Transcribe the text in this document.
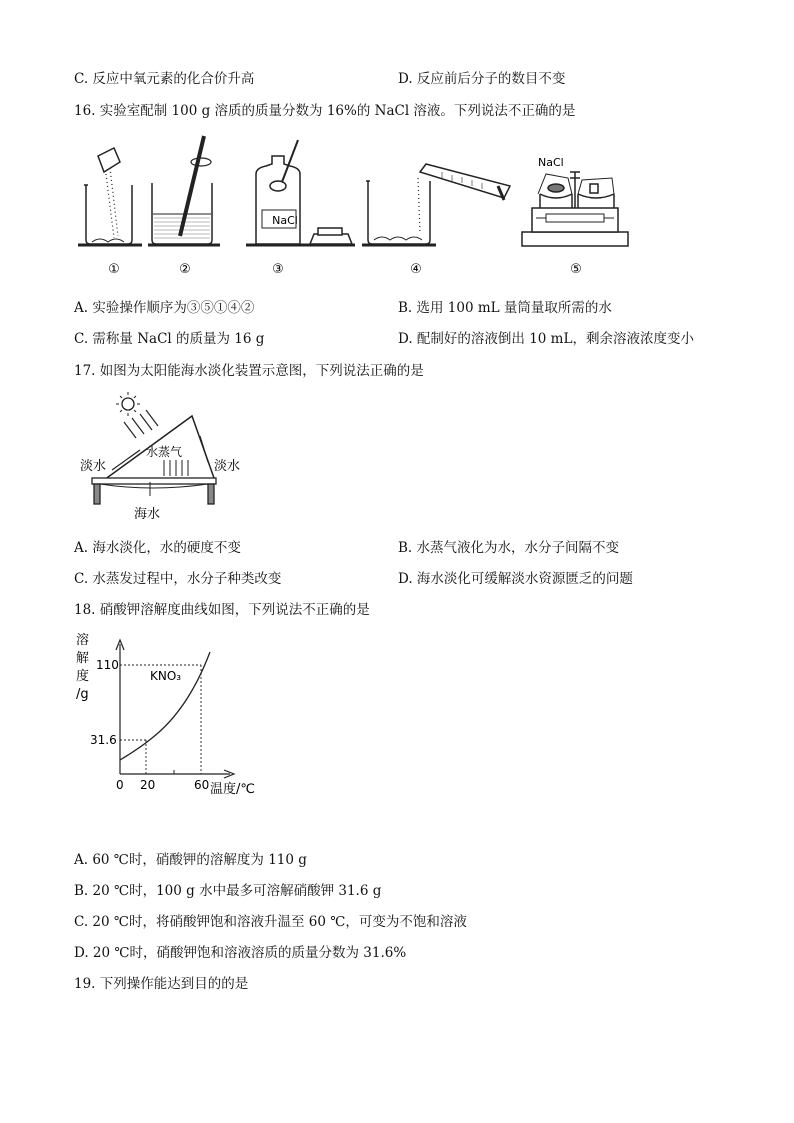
C. 反应中氧元素的化合价升高	D. 反应前后分子的数目不变
16. 实验室配制 100 g 溶质的质量分数为 16%的 NaCl 溶液。下列说法不正确的是
NaCl
NaCl
①	②	③	④	⑤
A. 实验操作顺序为③⑤①④②	B. 选用 100 mL 量筒量取所需的水
C. 需称量 NaCl 的质量为 16 g	D. 配制好的溶液倒出 10 mL，剩余溶液浓度变小
17. 如图为太阳能海水淡化装置示意图，下列说法正确的是
淡水	淡水
水蒸气
海水
A. 海水淡化，水的硬度不变	B. 水蒸气液化为水，水分子间隔不变
C. 水蒸发过程中，水分子种类改变	D. 海水淡化可缓解淡水资源匮乏的问题
18. 硝酸钾溶解度曲线如图，下列说法不正确的是
溶
解
度
/g
110
31.6
0 20	60
KNO₃
温度/℃
A. 60 ℃时，硝酸钾的溶解度为 110 g
B. 20 ℃时，100 g 水中最多可溶解硝酸钾 31.6 g
C. 20 ℃时，将硝酸钾饱和溶液升温至 60 ℃，可变为不饱和溶液
D. 20 ℃时，硝酸钾饱和溶液溶质的质量分数为 31.6%
19. 下列操作能达到目的的是
